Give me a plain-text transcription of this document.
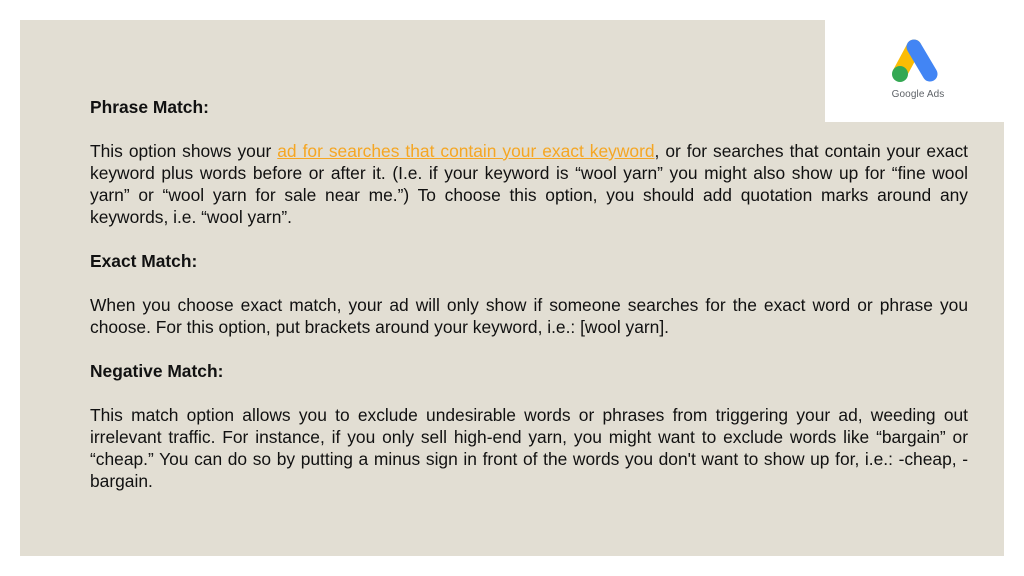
Google Ads
Phrase Match:

This option shows your ad for searches that contain your exact keyword, or for searches that contain your exact keyword plus words before or after it. (I.e. if your keyword is “wool yarn” you might also show up for “fine wool yarn” or “wool yarn for sale near me.”) To choose this option, you should add quotation marks around any keywords, i.e. “wool yarn”.

Exact Match:

When you choose exact match, your ad will only show if someone searches for the exact word or phrase you choose. For this option, put brackets around your keyword, i.e.: [wool yarn].

Negative Match:

This match option allows you to exclude undesirable words or phrases from triggering your ad, weeding out irrelevant traffic. For instance, if you only sell high-end yarn, you might want to exclude words like “bargain” or “cheap.” You can do so by putting a minus sign in front of the words you don't want to show up for, i.e.: -cheap, -bargain.
